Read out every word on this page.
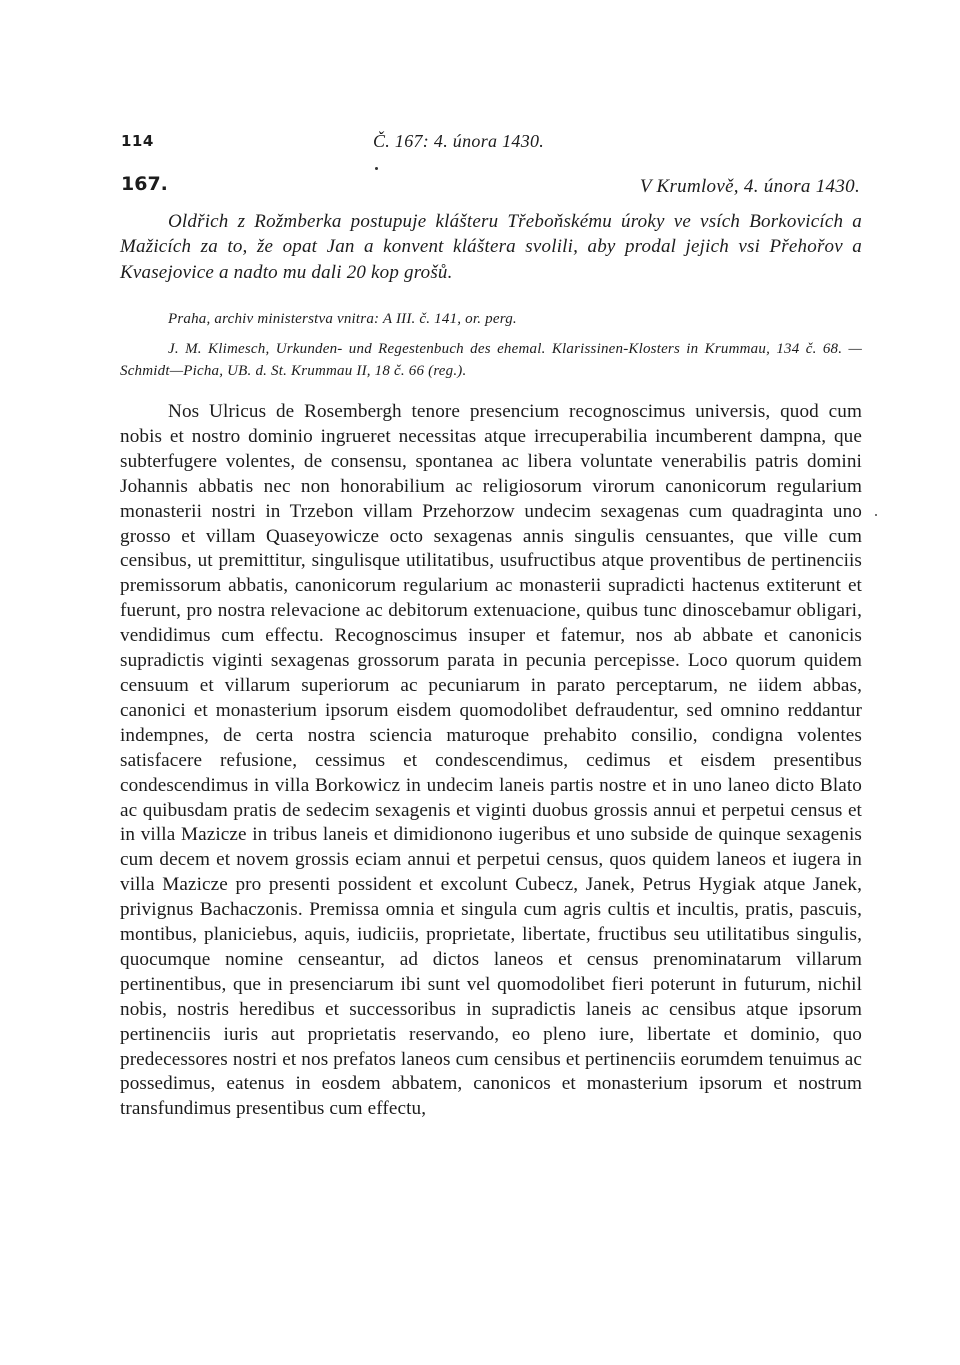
114	Č. 167: 4. února 1430.
167.	V Krumlově, 4. února 1430.
Oldřich z Rožmberka postupuje klášteru Třeboňskému úroky ve vsích Borkovicích a Mažicích za to, že opat Jan a konvent kláštera svolili, aby prodal jejich vsi Přehořov a Kvasejovice a nadto mu dali 20 kop grošů.
Praha, archiv ministerstva vnitra: A III. č. 141, or. perg.
J. M. Klimesch, Urkunden- und Regestenbuch des ehemal. Klarissinen-Klosters in Krummau, 134 č. 68. — Schmidt—Picha, UB. d. St. Krummau II, 18 č. 66 (reg.).
Nos Ulricus de Rosembergh tenore presencium recognoscimus universis, quod cum nobis et nostro dominio ingrueret necessitas atque irrecuperabilia incumberent dampna, que subterfugere volentes, de consensu, spontanea ac libera voluntate venerabilis patris domini Johannis abbatis nec non honorabilium ac religiosorum virorum canonicorum regularium monasterii nostri in Trzebon villam Przehorzow undecim sexagenas cum quadraginta uno grosso et villam Quaseyowicze octo sexagenas annis singulis censuantes, que ville cum censibus, ut premittitur, singulisque utilitatibus, usufructibus atque proventibus de pertinenciis premissorum abbatis, canonicorum regularium ac monasterii supradicti hactenus extiterunt et fuerunt, pro nostra relevacione ac debitorum extenuacione, quibus tunc dinoscebamur obligari, vendidimus cum effectu. Recognoscimus insuper et fatemur, nos ab abbate et canonicis supradictis viginti sexagenas grossorum parata in pecunia percepisse. Loco quorum quidem censuum et villarum superiorum ac pecuniarum in parato perceptarum, ne iidem abbas, canonici et monasterium ipsorum eisdem quomodolibet defraudentur, sed omnino reddantur indempnes, de certa nostra sciencia maturoque prehabito consilio, condigna volentes satisfacere refusione, cessimus et condescendimus, cedimus et eisdem presentibus condescendimus in villa Borkowicz in undecim laneis partis nostre et in uno laneo dicto Blato ac quibusdam pratis de sedecim sexagenis et viginti duobus grossis annui et perpetui census et in villa Mazicze in tribus laneis et dimidionono iugeribus et uno subside de quinque sexagenis cum decem et novem grossis eciam annui et perpetui census, quos quidem laneos et iugera in villa Mazicze pro presenti possident et excolunt Cubecz, Janek, Petrus Hygiak atque Janek, privignus Bachaczonis. Premissa omnia et singula cum agris cultis et incultis, pratis, pascuis, montibus, planiciebus, aquis, iudiciis, proprietate, libertate, fructibus seu utilitatibus singulis, quocumque nomine censeantur, ad dictos laneos et census prenominatarum villarum pertinentibus, que in presenciarum ibi sunt vel quomodolibet fieri poterunt in futurum, nichil nobis, nostris heredibus et successoribus in supradictis laneis ac censibus atque ipsorum pertinenciis iuris aut proprietatis reservando, eo pleno iure, libertate et dominio, quo predecessores nostri et nos prefatos laneos cum censibus et pertinenciis eorumdem tenuimus ac possedimus, eatenus in eosdem abbatem, canonicos et monasterium ipsorum et nostrum transfundimus presentibus cum effectu,
